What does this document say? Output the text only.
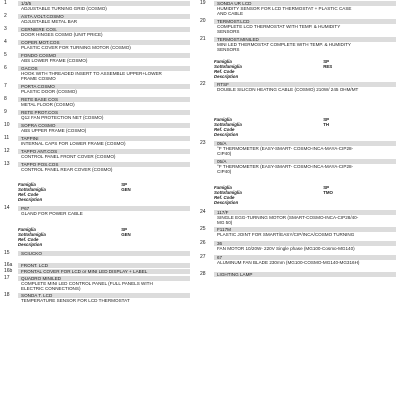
1	1/3/5
ADJUSTABLE TURNING GRID (COSMO)
2	ASTA.VOLT.COSMO
ADJUSTABLE METAL BAR
3	CERNIERE COS.
DOOR HINGES COSMO (UNIT PRICE)
4	COPER.MOT.COS
PLASTIC COVER FOR TURNING MOTOR (COSMO)
5	FONDO COSMO
ABS LOWER FRAME (COSMO)
6	GACOS
HOOK WITH THREADED INSERT TO ASSEMBLE UPPER+LOWER
FRAME COSMO
7	PORTA COSMO
PLASTIC DOOR (COSMO)
8	RETE BASE COS
METAL FLOOR (COSMO)
9	RETE PROT.COS
Q12 FAN PROTECTION NET (COSMO)
10	SOPRA COSMO
ABS UPPER FRAME (COSMO)
11	TAPPINI
INTERNAL CAPS FOR LOWER FRAME (COSMO)
12	TAPPO ANT.COS
CONTROL PANEL FRONT COVER (COSMO)
13	TAPPO POS.COS
CONTROL PANEL REAR COVER (COSMO)
Famiglia	SP
Sottofamiglia	GEN
Ref. Code
Description
14	P67
GLAND FOR POWER CABLE
Famiglia	SP
Sottofamiglia	GEN
Ref. Code
Description
15	SCIUCKO
16a	FRONT. LCD
16b	FRONTAL COVER FOR LCD or MINI LED DISPLAY + LABEL
17	QUADRO MINILED
COMPLETE MINI LED CONTROL PANEL (FULL PANELS WITH
ELECTRIC CONNECTIONS)
18	SONDA T. LCD
TEMPERATURE SENSOR FOR LCD THERMOSTAT
19	SONDA UR LCD
HUMIDITY SENSOR FOR LCD THERMOSTAT + PLASTIC CASE
AND CABLE
20	TERMOST.LCD
COMPLETE LCD THERMOSTAT WITH TEMP. & HUMIDITY
SENSORS
21	TERMOST.MINILED
MINI LED THERMOSTAT COMPLETE WITH TEMP. & HUMIDITY
SENSORS
Famiglia	SP
Sottofamiglia	RES
Ref. Code
Description
22	RTSF
DOUBLE SILICON HEATING CABLE (COSMO) 210W/ 245 OHM/MT
Famiglia	SP
Sottofamiglia	TH
Ref. Code
Description
23	05/A
°F THERMOMETER (EASY-SMART- COSMO-INCA-MAYA-CIP28-
CIP40)
05/A
°F THERMOMETER (EASY-SMART- COSMO-INCA-MAYA-CIP28-
CIP40)
Famiglia	SP
Sottofamiglia	TMO
Ref. Code
Description
24	117/F
SINGLE EGG-TURNING MOTOR (SMART-COSMO-INCA-CIP28/40-
MG 50)
25	F117M
PLASTIC JOINT FOR SMART/EASY/CIP/INCA/COSMO TURNING
26	36
FAN MOTOR 10/20W- 220V Single phase (MG100-Cosmo-MG140)
27	67
ALUMINUM FAN BLADE 230mm (MG100-COSMO-MG140-MG316H)
28	LIGHTING LAMP
